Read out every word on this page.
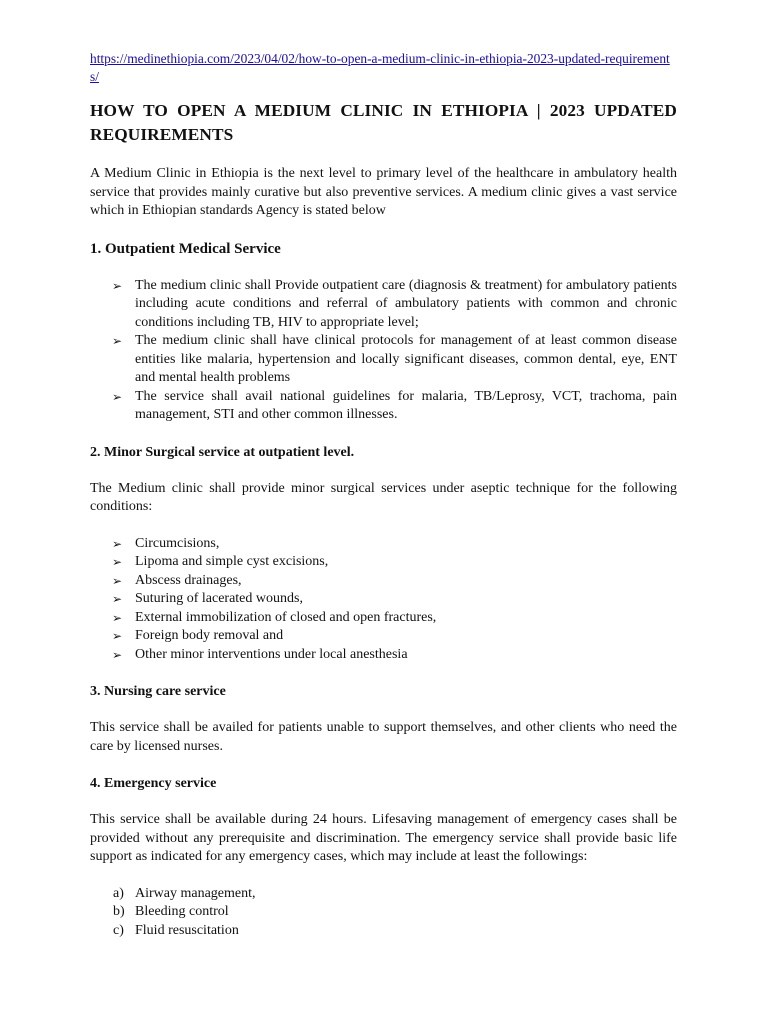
https://medinethiopia.com/2023/04/02/how-to-open-a-medium-clinic-in-ethiopia-2023-updated-requirements/
HOW TO OPEN A MEDIUM CLINIC IN ETHIOPIA | 2023 UPDATED REQUIREMENTS

A Medium Clinic in Ethiopia is the next level to primary level of the healthcare in ambulatory health service that provides mainly curative but also preventive services. A medium clinic gives a vast service which in Ethiopian standards Agency is stated below

1. Outpatient Medical Service
➢ The medium clinic shall Provide outpatient care (diagnosis & treatment) for ambulatory patients including acute conditions and referral of ambulatory patients with common and chronic conditions including TB, HIV to appropriate level;
➢ The medium clinic shall have clinical protocols for management of at least common disease entities like malaria, hypertension and locally significant diseases, common dental, eye, ENT and mental health problems
➢ The service shall avail national guidelines for malaria, TB/Leprosy, VCT, trachoma, pain management, STI and other common illnesses.
2. Minor Surgical service at outpatient level.

The Medium clinic shall provide minor surgical services under aseptic technique for the following conditions:

➢ Circumcisions,
➢ Lipoma and simple cyst excisions,
➢ Abscess drainages,
➢ Suturing of lacerated wounds,
➢ External immobilization of closed and open fractures,
➢ Foreign body removal and
➢ Other minor interventions under local anesthesia
3. Nursing care service

This service shall be availed for patients unable to support themselves, and other clients who need the care by licensed nurses.

4. Emergency service

This service shall be available during 24 hours. Lifesaving management of emergency cases shall be provided without any prerequisite and discrimination. The emergency service shall provide basic life support as indicated for any emergency cases, which may include at least the followings:

a) Airway management,
b) Bleeding control
c) Fluid resuscitation
